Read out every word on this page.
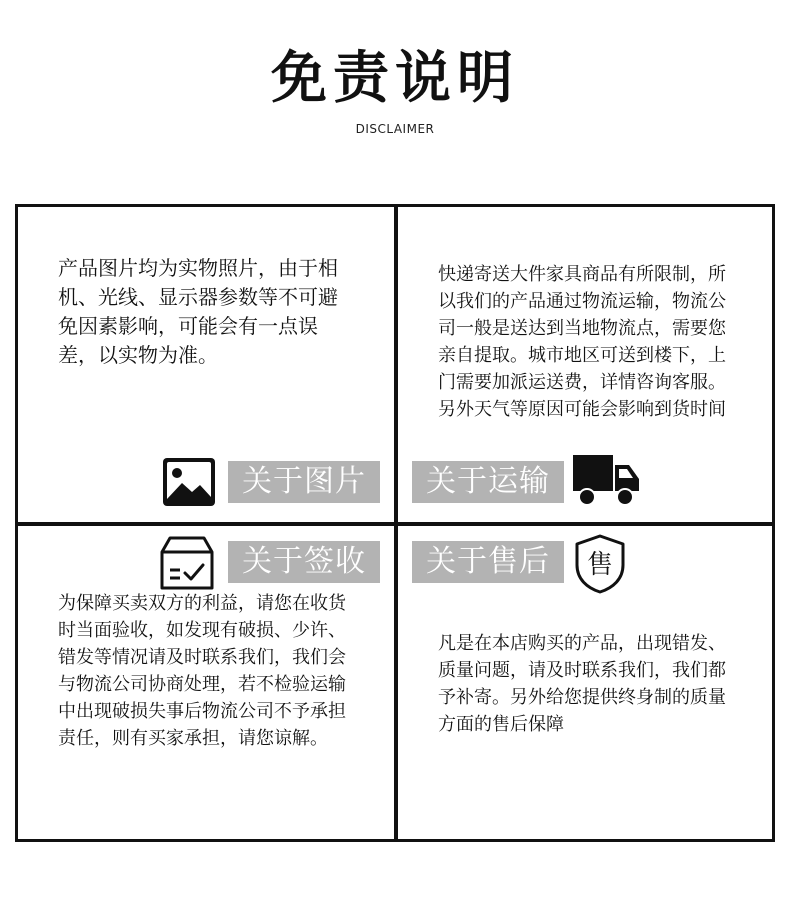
免责说明
DISCLAIMER
产品图片均为实物照片，由于相机、光线、显示器参数等不可避免因素影响，可能会有一点误差，以实物为准。
关于图片
快递寄送大件家具商品有所限制，所以我们的产品通过物流运输，物流公司一般是送达到当地物流点，需要您亲自提取。城市地区可送到楼下，上门需要加派运送费，详情咨询客服。另外天气等原因可能会影响到货时间
关于运输
关于签收
为保障买卖双方的利益，请您在收货时当面验收，如发现有破损、少许、错发等情况请及时联系我们，我们会与物流公司协商处理，若不检验运输中出现破损失事后物流公司不予承担责任，则有买家承担，请您谅解。
关于售后	售
凡是在本店购买的产品，出现错发、质量问题，请及时联系我们，我们都予补寄。另外给您提供终身制的质量方面的售后保障
